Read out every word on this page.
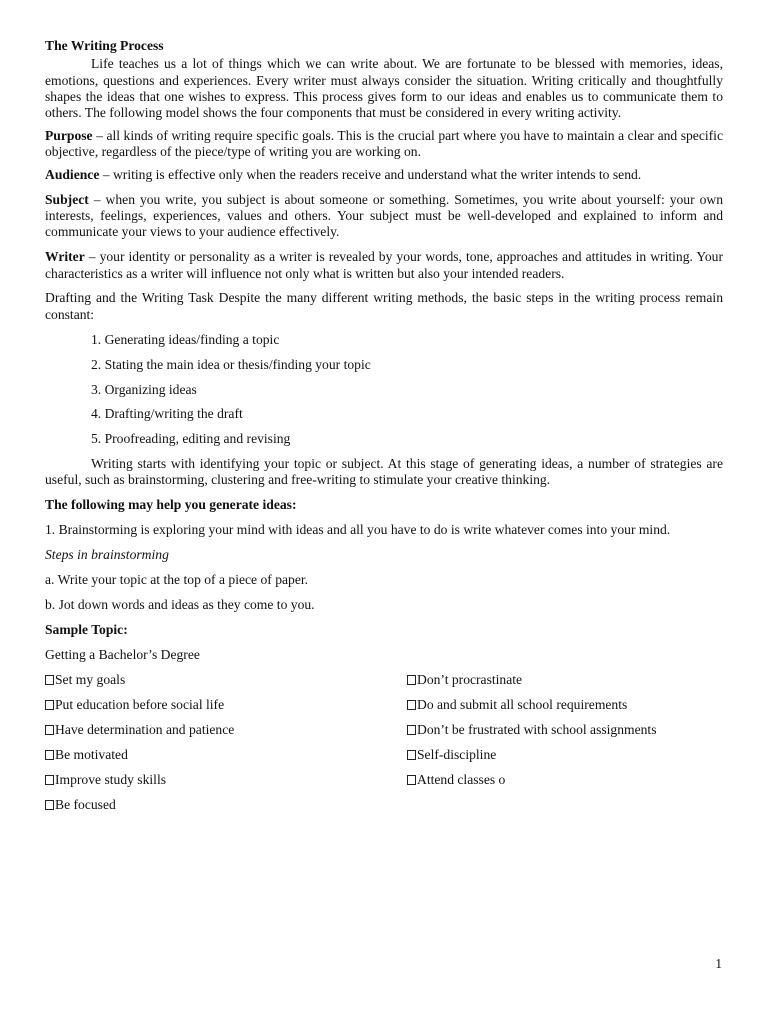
The Writing Process

Life teaches us a lot of things which we can write about. We are fortunate to be blessed with memories, ideas, emotions, questions and experiences. Every writer must always consider the situation. Writing critically and thoughtfully shapes the ideas that one wishes to express. This process gives form to our ideas and enables us to communicate them to others. The following model shows the four components that must be considered in every writing activity.

Purpose – all kinds of writing require specific goals. This is the crucial part where you have to maintain a clear and specific objective, regardless of the piece/type of writing you are working on.

Audience – writing is effective only when the readers receive and understand what the writer intends to send.

Subject – when you write, you subject is about someone or something. Sometimes, you write about yourself: your own interests, feelings, experiences, values and others. Your subject must be well-developed and explained to inform and communicate your views to your audience effectively.

Writer – your identity or personality as a writer is revealed by your words, tone, approaches and attitudes in writing. Your characteristics as a writer will influence not only what is written but also your intended readers.

Drafting and the Writing Task Despite the many different writing methods, the basic steps in the writing process remain constant:

1. Generating ideas/finding a topic
2. Stating the main idea or thesis/finding your topic
3. Organizing ideas
4. Drafting/writing the draft
5. Proofreading, editing and revising

Writing starts with identifying your topic or subject. At this stage of generating ideas, a number of strategies are useful, such as brainstorming, clustering and free-writing to stimulate your creative thinking.

The following may help you generate ideas:

1. Brainstorming is exploring your mind with ideas and all you have to do is write whatever comes into your mind.

Steps in brainstorming

a. Write your topic at the top of a piece of paper.

b. Jot down words and ideas as they come to you.

Sample Topic:

Getting a Bachelor’s Degree

Set my goals	Don’t procrastinate
Put education before social life	Do and submit all school requirements
Have determination and patience	Don’t be frustrated with school assignments
Be motivated	Self-discipline
Improve study skills	Attend classes o
Be focused
1
